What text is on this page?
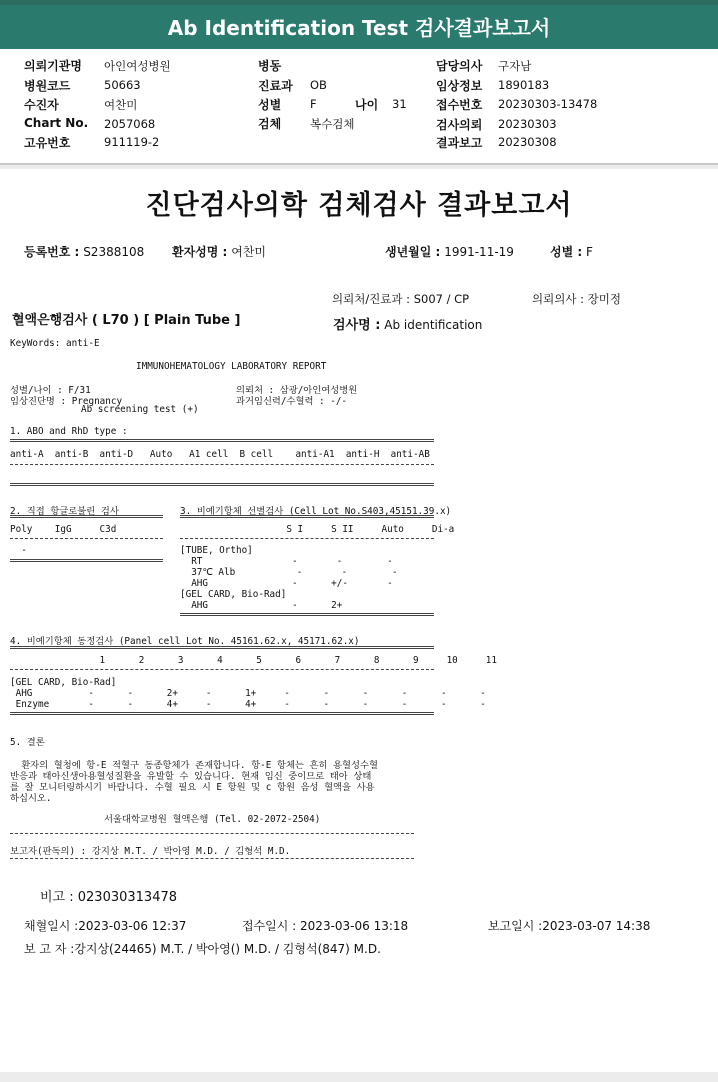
Ab Identification Test 검사결과보고서
의뢰기관명 아인여성병원
병원코드	50663
수진자	여찬미
Chart No. 2057068
고유번호	911119-2
병동
진료과 OB
성별	F	나이 31
검체	복수검체
담당의사 구자남
임상정보 1890183
접수번호 20230303-13478
검사의뢰 20230303
결과보고 20230308
진단검사의학 검체검사 결과보고서
등록번호 : S2388108 환자성명 : 여찬미	생년월일 : 1991-11-19	성별 : F
의뢰처/진료과 : S007 / CP	의뢰의사 : 장미정
혈액은행검사 ( L70 ) [ Plain Tube ]	검사명 : Ab identification
KeyWords: anti-E
IMMUNOHEMATOLOGY LABORATORY REPORT
성별/나이 : F/31
임상진단명 : Pregnancy
Ab screening test (+)
의뢰처 : 삼광/아인여성병원
과거임신력/수혈력 : -/-
1. ABO and RhD type :
anti-A  anti-B  anti-D   Auto   A1 cell  B cell    anti-A1  anti-H  anti-AB
2. 직접 항글로불린 검사
Poly    IgG     C3d
-
3. 비예기항체 선별검사 (Cell Lot No.S403,45151.39.x)
S I     S II     Auto     Di-a
[TUBE, Ortho]
RT                -       -        -
37℃ Alb           -       -        -
AHG               -      +/-       -
[GEL CARD, Bio-Rad]
AHG               -      2+
4. 비예기항체 동정검사 (Panel cell Lot No. 45161.62.x, 45171.62.x)
1      2      3      4      5      6      7      8      9     10     11
[GEL CARD, Bio-Rad]
AHG          -      -      2+     -      1+     -      -      -      -      -      -
Enzyme       -      -      4+     -      4+     -      -      -      -      -      -
5. 결론
환자의 혈청에 항-E 적혈구 동종항체가 존재합니다. 항-E 항체는 흔히 용혈성수혈
반응과 태아신생아용혈성질환을 유발할 수 있습니다. 현재 임신 중이므로 태아 상태
를 잘 모니터링하시기 바랍니다. 수혈 필요 시 E 항원 및 c 항원 음성 혈액을 사용
하십시오.
서울대학교병원 혈액은행 (Tel. 02-2072-2504)
보고자(판독의) : 강지상 M.T. / 박아영 M.D. / 김형석 M.D.
비고 : 023030313478
채혈일시 :2023-03-06 12:37	접수일시 : 2023-03-06 13:18	보고일시 :2023-03-07 14:38
보 고 자 :강지상(24465) M.T. / 박아영() M.D. / 김형석(847) M.D.
